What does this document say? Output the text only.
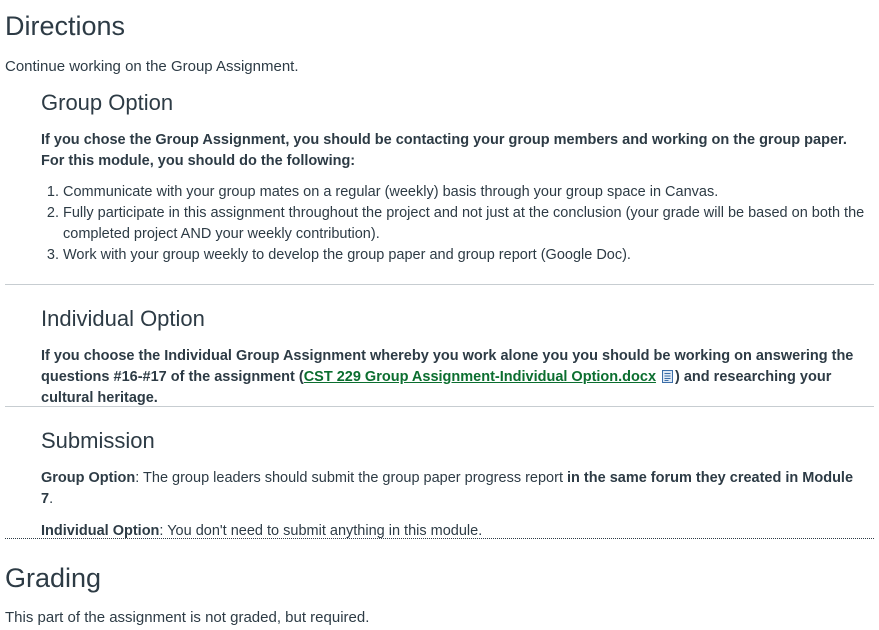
Directions
Continue working on the Group Assignment.
Group Option

If you chose the Group Assignment, you should be contacting your group members and working on the group paper. For this module, you should do the following:

1. Communicate with your group mates on a regular (weekly) basis through your group space in Canvas.
2. Fully participate in this assignment throughout the project and not just at the conclusion (your grade will be based on both the completed project AND your weekly contribution).
3. Work with your group weekly to develop the group paper and group report (Google Doc).
Individual Option

If you choose the Individual Group Assignment whereby you work alone you you should be working on answering the questions #16-#17 of the assignment (CST 229 Group Assignment-Individual Option.docx ) and researching your cultural heritage.

Submission

Group Option: The group leaders should submit the group paper progress report in the same forum they created in Module 7.

Individual Option: You don't need to submit anything in this module.

Grading
This part of the assignment is not graded, but required.
